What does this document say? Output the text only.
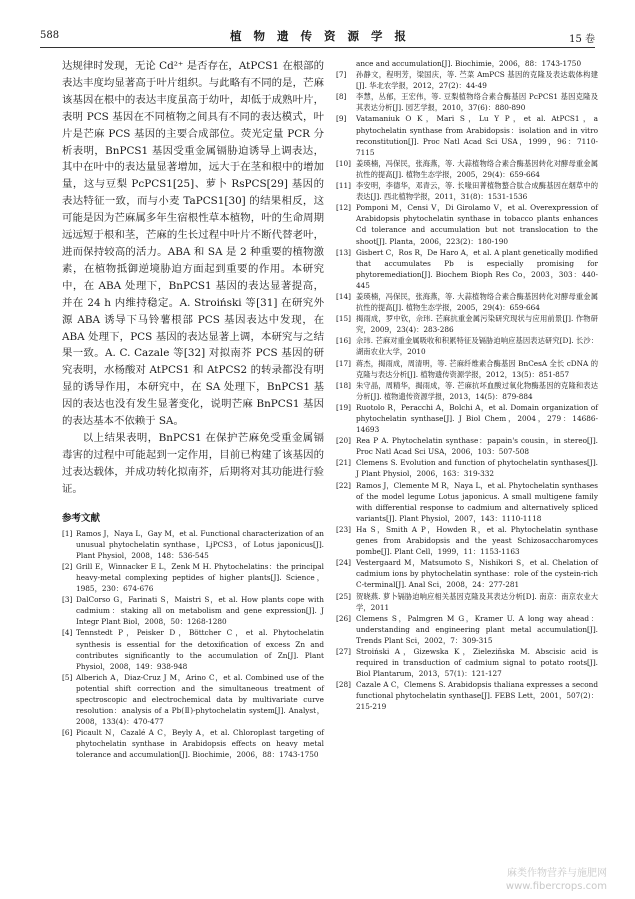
588	植 物 遗 传 资 源 学 报	15 卷

达规律时发现，无论 Cd²⁺ 是否存在，AtPCS1 在根部的表达丰度均显著高于叶片组织。与此略有不同的是，芒麻该基因在根中的表达丰度虽高于幼叶，却低于成熟叶片，表明 PCS 基因在不同植物之间具有不同的表达模式，叶片是芒麻 PCS 基因的主要合成部位。荧光定量 PCR 分析表明，BnPCS1 基因受重金属镉胁迫诱导上调表达，其中在叶中的表达量显著增加，远大于在茎和根中的增加量，这与豆梨 PcPCS1[25]、萝卜 RsPCS[29] 基因的表达特征一致，而与小麦 TaPCS1[30] 的结果相反，这可能是因为芒麻属多年生宿根性草本植物，叶的生命周期远远短于根和茎，芒麻的生长过程中叶片不断代替老叶，进而保持较高的活力。ABA 和 SA 是 2 种重要的植物激素，在植物抵御逆境胁迫方面起到重要的作用。本研究中，在 ABA 处理下，BnPCS1 基因的表达显著提高，并在 24 h 内维持稳定。A. Stroiński 等[31] 在研究外源 ABA 诱导下马铃薯根部 PCS 基因表达中发现，在 ABA 处理下，PCS 基因的表达显著上调，本研究与之结果一致。A. C. Cazale 等[32] 对拟南芥 PCS 基因的研究表明，水杨酸对 AtPCS1 和 AtPCS2 的转录都没有明显的诱导作用，本研究中，在 SA 处理下，BnPCS1 基因的表达也没有发生显著变化，说明芒麻 BnPCS1 基因的表达基本不依赖于 SA。

以上结果表明，BnPCS1 在保护芒麻免受重金属镉毒害的过程中可能起到一定作用，目前已构建了该基因的过表达载体，并成功转化拟南芥，后期将对其功能进行验证。

参考文献

[1] Ramos J，Naya L，Gay M，et al. Functional characterization of an unusual phytochelatin synthase，LjPCS3，of Lotus japonicus[J]. Plant Physiol，2008，148：536-545

[2] Grill E，Winnacker E L，Zenk M H. Phytochelatins：the principal heavy-metal complexing peptides of higher plants[J]. Science，1985，230：674-676

[3] DalCorso G，Farinati S，Maistri S，et al. How plants cope with cadmium：staking all on metabolism and gene expression[J]. J Integr Plant Biol，2008，50：1268-1280

[4] Tennstedt P，Peisker D，Böttcher C，et al. Phytochelatin synthesis is essential for the detoxification of excess Zn and contributes significantly to the accumulation of Zn[J]. Plant Physiol，2008，149：938-948

[5] Alberich A，Diaz-Cruz J M，Arino C，et al. Combined use of the potential shift correction and the simultaneous treatment of spectroscopic and electrochemical data by multivariate curve resolution：analysis of a Pb(Ⅱ)-phytochelatin system[J]. Analyst，2008，133(4)：470-477

[6] Picault N，Cazalé A C，Beyly A，et al. Chloroplast targeting of phytochelatin synthase in Arabidopsis effects on heavy metal tolerance and accumulation[J]. Biochimie，2006，88：1743-1750

ance and accumulation[J]. Biochimie，2006，88：1743-1750

[7]	孙静文，程明芳，梁国庆，等. 苎菜 AmPCS 基因的克隆及表达载体构建[J]. 华北农学报，2012，27(2)：44-49

[8]	李慧，丛郁，王宏伟，等. 豆梨植物络合素合酶基因 PcPCS1 基因克隆及其表达分析[J]. 园艺学报，2010，37(6)：880-890

[9]	Vatamaniuk O K，Mari S，Lu Y P，et al. AtPCS1，a phytochelatin synthase from Arabidopsis：isolation and in vitro reconstitution[J]. Proc Natl Acad Sci USA，1999，96：7110-7115

[10] 姜瑛楠，冯保民，张海燕，等. 大蒜植物络合素合酶基因转化对酵母重金属抗性的提高[J]. 植物生态学报，2005，29(4)：659-664

[11] 李安明，李德华，邓青云，等. 长喙田菁植物螯合肽合成酶基因在烟草中的表达[J]. 西北植物学报，2011，31(8)：1531-1536

[12] Pomponi M，Censi V，Di Girolamo V，et al. Overexpression of Arabidopsis phytochelatin synthase in tobacco plants enhances Cd tolerance and accumulation but not translocation to the shoot[J]. Planta，2006，223(2)：180-190

[13] Gisbert C，Ros R，De Haro A，et al. A plant genetically modified that accumulates Pb is especially promising for phytoremediation[J]. Biochem Bioph Res Co，2003，303：440-445

[14] 姜瑛楠，冯保民，张海燕，等. 大蒜植物络合素合酶基因转化对酵母重金属抗性的提高[J]. 植物生态学报，2005，29(4)：659-664

[15] 揭雨成，罗中钦，佘玮. 芒麻抗重金属污染研究现状与应用前景[J]. 作物研究，2009，23(4)：283-286

[16] 佘玮. 芒麻对重金属吸收和积累特征及镉胁迫响应基因表达研究[D]. 长沙：湖南农业大学，2010

[17] 蒋杰，揭雨成，周清明，等. 芒麻纤维素合酶基因 BnCesA 全长 cDNA 的克隆与表达分析[J]. 植物遗传资源学报，2012，13(5)：851-857

[18] 朱守晶，周精华，揭雨成，等. 芒麻抗坏血酸过氧化物酶基因的克隆和表达分析[J]. 植物遗传资源学报，2013，14(5)：879-884

[19] Ruotolo R，Peracchi A，Bolchi A，et al. Domain organization of phytochelatin synthase[J]. J Biol Chem，2004，279：14686-14693

[20] Rea P A. Phytochelatin synthase：papain's cousin，in stereo[J]. Proc Natl Acad Sci USA，2006，103：507-508

[21] Clemens S. Evolution and function of phytochelatin synthases[J]. J Plant Physiol，2006，163：319-332

[22] Ramos J，Clemente M R，Naya L，et al. Phytochelatin synthases of the model legume Lotus japonicus. A small multigene family with differential response to cadmium and alternatively spliced variants[J]. Plant Physiol，2007，143：1110-1118

[23] Ha S，Smith A P，Howden R，et al. Phytochelatin synthase genes from Arabidopsis and the yeast Schizosaccharomyces pombe[J]. Plant Cell，1999，11：1153-1163

[24] Vestergaard M，Matsumoto S，Nishikori S，et al. Chelation of cadmium ions by phytochelatin synthase：role of the cystein-rich C-terminal[J]. Anal Sci，2008，24：277-281

[25] 贺晓燕. 萝卜镉胁迫响应相关基因克隆及其表达分析[D]. 南京：南京农业大学，2011

[26] Clemens S，Palmgren M G，Kramer U. A long way ahead：understanding and engineering plant metal accumulation[J]. Trends Plant Sci，2002，7：309-315

[27] Stroiński A，Gizewska K，Zieleziňska M. Abscisic acid is required in transduction of cadmium signal to potato roots[J]. Biol Plantarum，2013，57(1)：121-127

[28] Cazale A C，Clemens S. Arabidopsis thaliana expresses a second functional phytochelatin synthase[J]. FEBS Lett，2001，507(2)：215-219

麻类作物营养与施肥网
www.fibercrops.com
